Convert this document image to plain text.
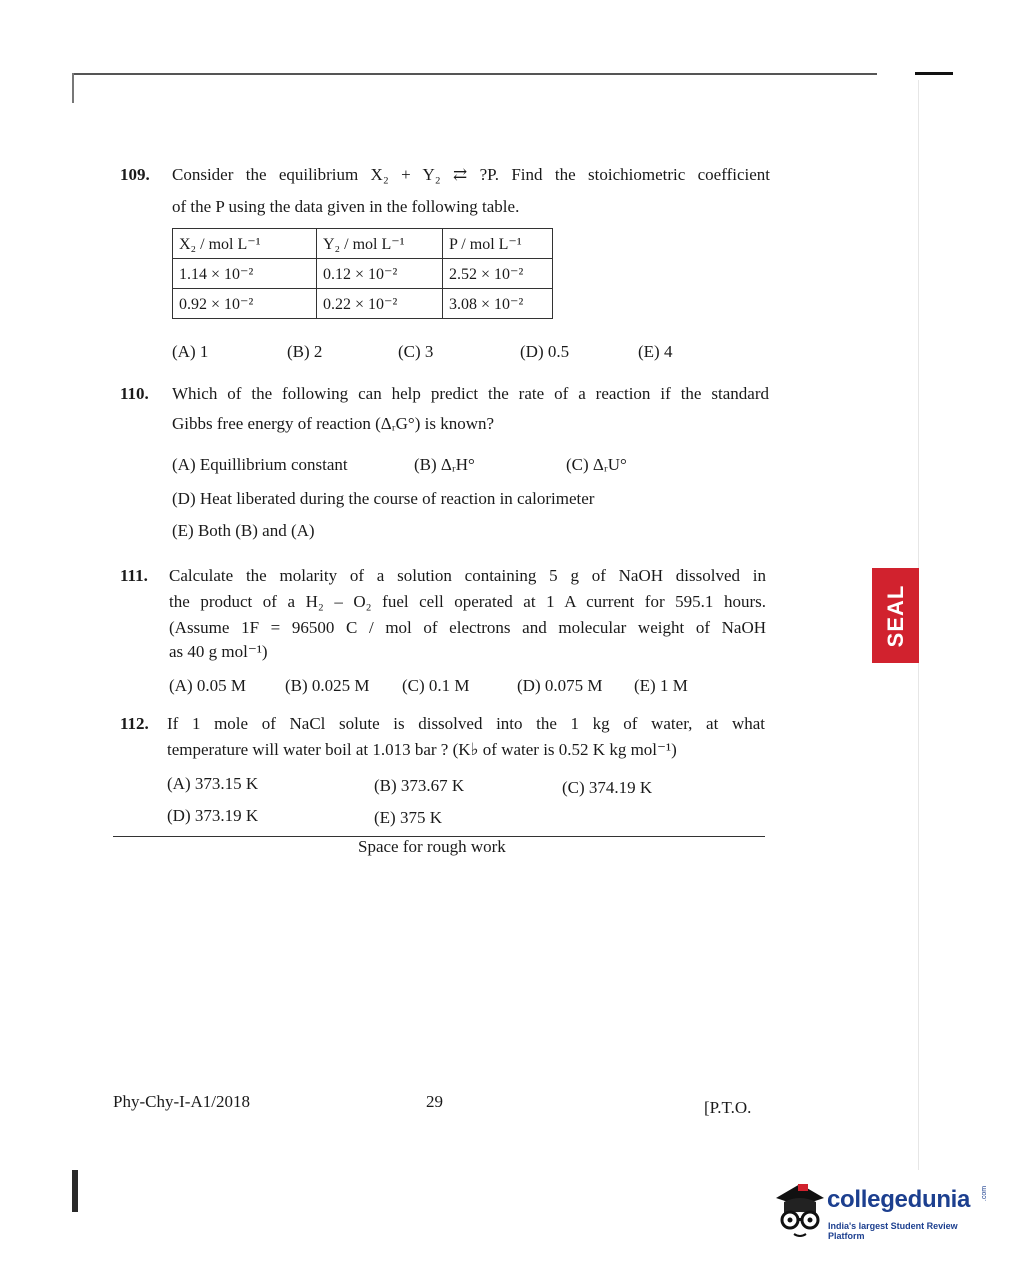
109. Consider the equilibrium X₂ + Y₂ ⇄ ?P. Find the stoichiometric coefficient
of the P using the data given in the following table.
X₂ / mol L⁻¹	Y₂ / mol L⁻¹	P / mol L⁻¹
1.14 × 10⁻²	0.12 × 10⁻²	2.52 × 10⁻²
0.92 × 10⁻²	0.22 × 10⁻²	3.08 × 10⁻²
(A) 1	(B) 2	(C) 3	(D) 0.5	(E) 4
110. Which of the following can help predict the rate of a reaction if the standard
Gibbs free energy of reaction (ΔᵣG°) is known?
(A) Equillibrium constant	(B) ΔᵣH°	(C) ΔᵣU°
(D) Heat liberated during the course of reaction in calorimeter
(E) Both (B) and (A)
111. Calculate the molarity of a solution containing 5 g of NaOH dissolved in
the product of a H₂ – O₂ fuel cell operated at 1 A current for 595.1 hours.
(Assume 1F = 96500 C / mol of electrons and molecular weight of NaOH
as 40 g mol⁻¹)
(A) 0.05 M (B) 0.025 M (C) 0.1 M	(D) 0.075 M (E) 1 M
112. If 1 mole of NaCl solute is dissolved into the 1 kg of water, at what
temperature will water boil at 1.013 bar ? (K♭ of water is 0.52 K kg mol⁻¹)
(A) 373.15 K	(B) 373.67 K	(C) 374.19 K
(D) 373.19 K	(E) 375 K
Space for rough work
Phy-Chy-I-A1/2018	29	[P.T.O.
SEAL
collegedunia .com
India's largest Student Review Platform
